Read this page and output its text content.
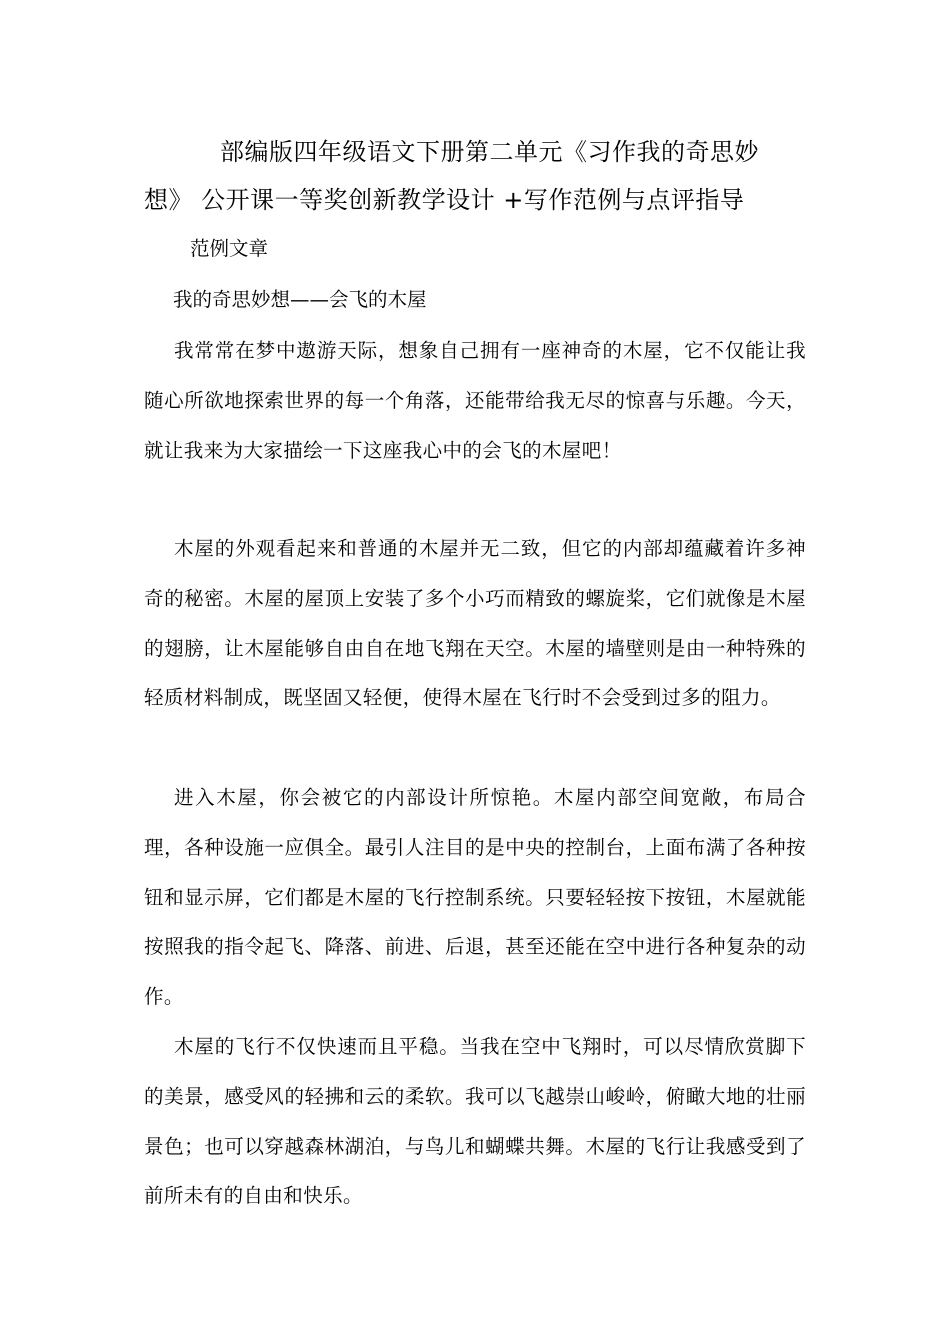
部编版四年级语文下册第二单元《习作我的奇思妙想》 公开课一等奖创新教学设计 +写作范例与点评指导

范例文章

我的奇思妙想——会飞的木屋

我常常在梦中遨游天际，想象自己拥有一座神奇的木屋，它不仅能让我随心所欲地探索世界的每一个角落，还能带给我无尽的惊喜与乐趣。今天，就让我来为大家描绘一下这座我心中的会飞的木屋吧！

木屋的外观看起来和普通的木屋并无二致，但它的内部却蕴藏着许多神奇的秘密。木屋的屋顶上安装了多个小巧而精致的螺旋桨，它们就像是木屋的翅膀，让木屋能够自由自在地飞翔在天空。木屋的墙壁则是由一种特殊的轻质材料制成，既坚固又轻便，使得木屋在飞行时不会受到过多的阻力。

进入木屋，你会被它的内部设计所惊艳。木屋内部空间宽敞，布局合理，各种设施一应俱全。最引人注目的是中央的控制台，上面布满了各种按钮和显示屏，它们都是木屋的飞行控制系统。只要轻轻按下按钮，木屋就能按照我的指令起飞、降落、前进、后退，甚至还能在空中进行各种复杂的动作。

木屋的飞行不仅快速而且平稳。当我在空中飞翔时，可以尽情欣赏脚下的美景，感受风的轻拂和云的柔软。我可以飞越崇山峻岭，俯瞰大地的壮丽景色；也可以穿越森林湖泊，与鸟儿和蝴蝶共舞。木屋的飞行让我感受到了前所未有的自由和快乐。
